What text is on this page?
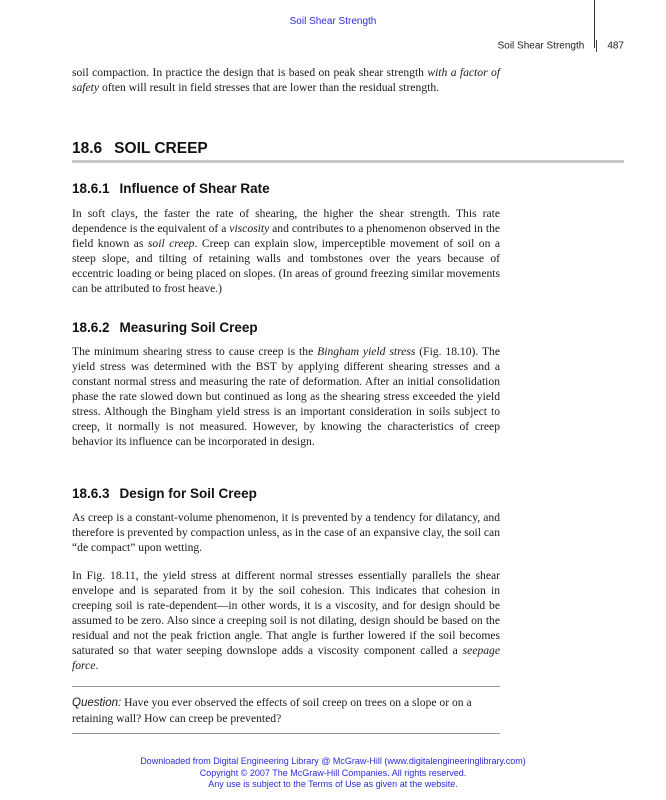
Soil Shear Strength
Soil Shear Strength 487

soil compaction. In practice the design that is based on peak shear strength with a factor of safety often will result in field stresses that are lower than the residual strength.

18.6 SOIL CREEP
18.6.1 Influence of Shear Rate

In soft clays, the faster the rate of shearing, the higher the shear strength. This rate dependence is the equivalent of a viscosity and contributes to a phenomenon observed in the field known as soil creep. Creep can explain slow, imperceptible movement of soil on a steep slope, and tilting of retaining walls and tombstones over the years because of eccentric loading or being placed on slopes. (In areas of ground freezing similar movements can be attributed to frost heave.)

18.6.2 Measuring Soil Creep

The minimum shearing stress to cause creep is the Bingham yield stress (Fig. 18.10). The yield stress was determined with the BST by applying different shearing stresses and a constant normal stress and measuring the rate of deformation. After an initial consolidation phase the rate slowed down but continued as long as the shearing stress exceeded the yield stress. Although the Bingham yield stress is an important consideration in soils subject to creep, it normally is not measured. However, by knowing the characteristics of creep behavior its influence can be incorporated in design.

18.6.3 Design for Soil Creep

As creep is a constant-volume phenomenon, it is prevented by a tendency for dilatancy, and therefore is prevented by compaction unless, as in the case of an expansive clay, the soil can “de compact” upon wetting.

In Fig. 18.11, the yield stress at different normal stresses essentially parallels the shear envelope and is separated from it by the soil cohesion. This indicates that cohesion in creeping soil is rate-dependent—in other words, it is a viscosity, and for design should be assumed to be zero. Also since a creeping soil is not dilating, design should be based on the residual and not the peak friction angle. That angle is further lowered if the soil becomes saturated so that water seeping downslope adds a viscosity component called a seepage force.

Question: Have you ever observed the effects of soil creep on trees on a slope or on a retaining wall? How can creep be prevented?

Downloaded from Digital Engineering Library @ McGraw-Hill (www.digitalengineeringlibrary.com)
Copyright © 2007 The McGraw-Hill Companies. All rights reserved.
Any use is subject to the Terms of Use as given at the website.
